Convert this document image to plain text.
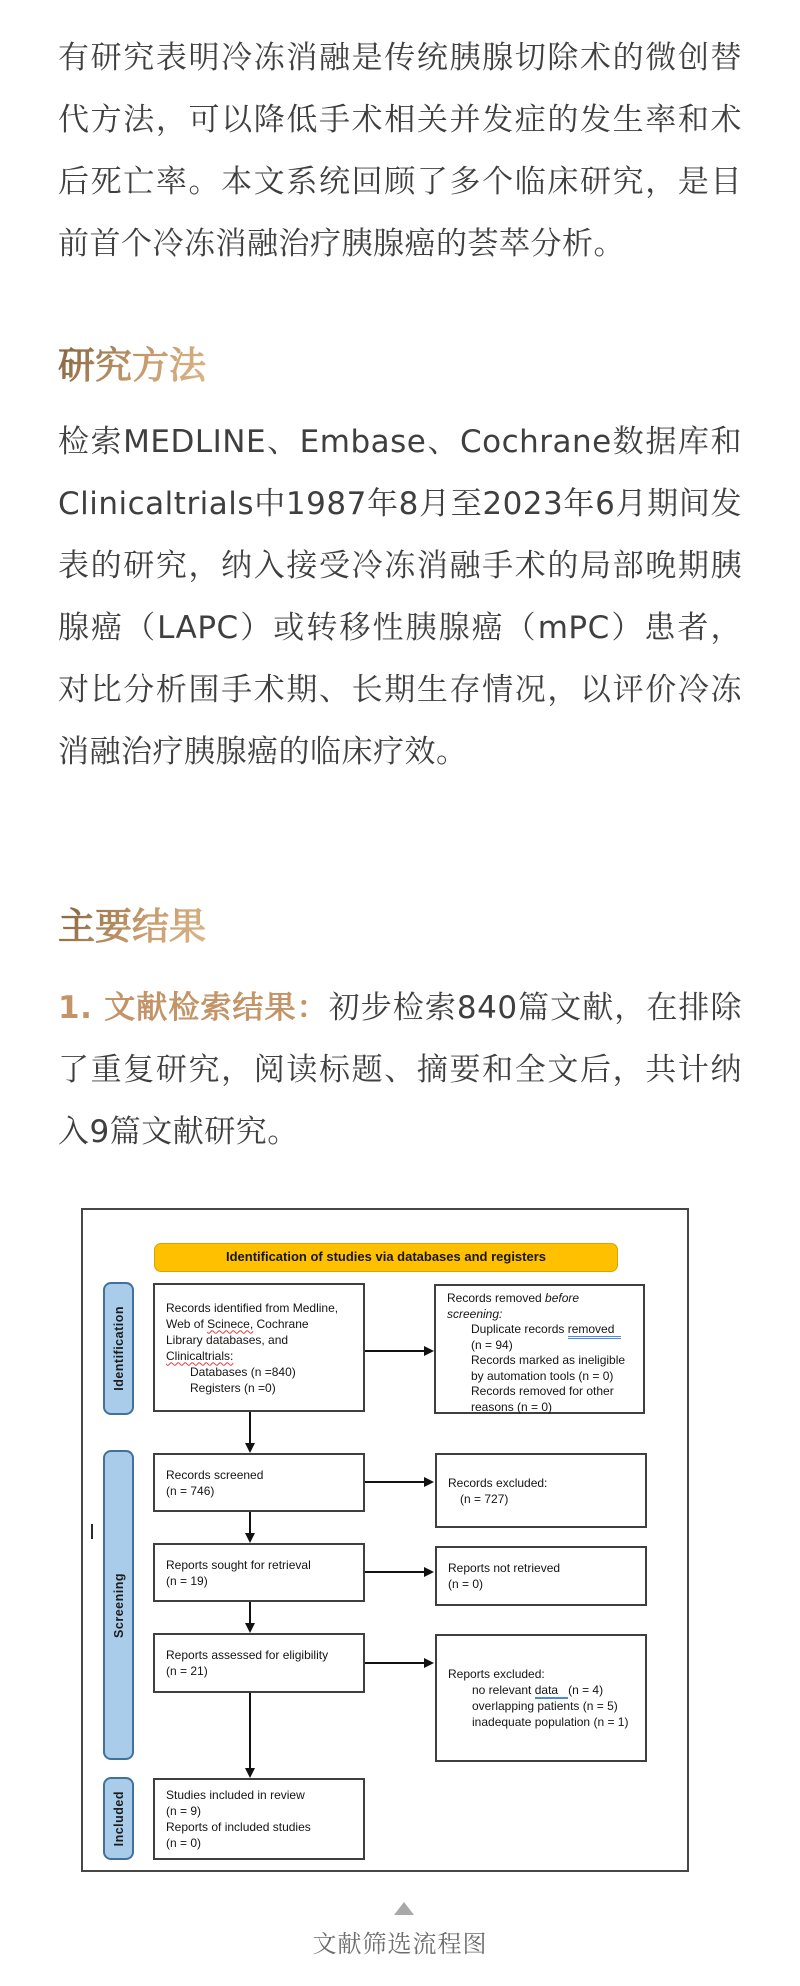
有研究表明冷冻消融是传统胰腺切除术的微创替代方法，可以降低手术相关并发症的发生率和术后死亡率。本文系统回顾了多个临床研究，是目前首个冷冻消融治疗胰腺癌的荟萃分析。

研究方法

检索MEDLINE、Embase、Cochrane数据库和Clinicaltrials中1987年8月至2023年6月期间发表的研究，纳入接受冷冻消融手术的局部晚期胰腺癌（LAPC）或转移性胰腺癌（mPC）患者，对比分析围手术期、长期生存情况，以评价冷冻消融治疗胰腺癌的临床疗效。

主要结果

1. 文献检索结果：初步检索840篇文献，在排除了重复研究，阅读标题、摘要和全文后，共计纳入9篇文献研究。

Identification of studies via databases and registers
Identification
Screening
Included
Records identified from Medline,
Web of Scinece, Cochrane
Library databases, and
Clinicaltrials:
Databases (n =840)
Registers (n =0)
Records removed before
screening:
Duplicate records removed
(n = 94)
Records marked as ineligible
by automation tools (n = 0)
Records removed for other
reasons (n = 0)
Records screened
(n = 746)
Records excluded:
(n = 727)
Reports sought for retrieval
(n = 19)
Reports not retrieved
(n = 0)
Reports assessed for eligibility
(n = 21)	Reports excluded:
no relevant data   (n = 4)
overlapping patients (n = 5)
inadequate population (n = 1)
Studies included in review
(n = 9)
Reports of included studies
(n = 0)

文献筛选流程图
